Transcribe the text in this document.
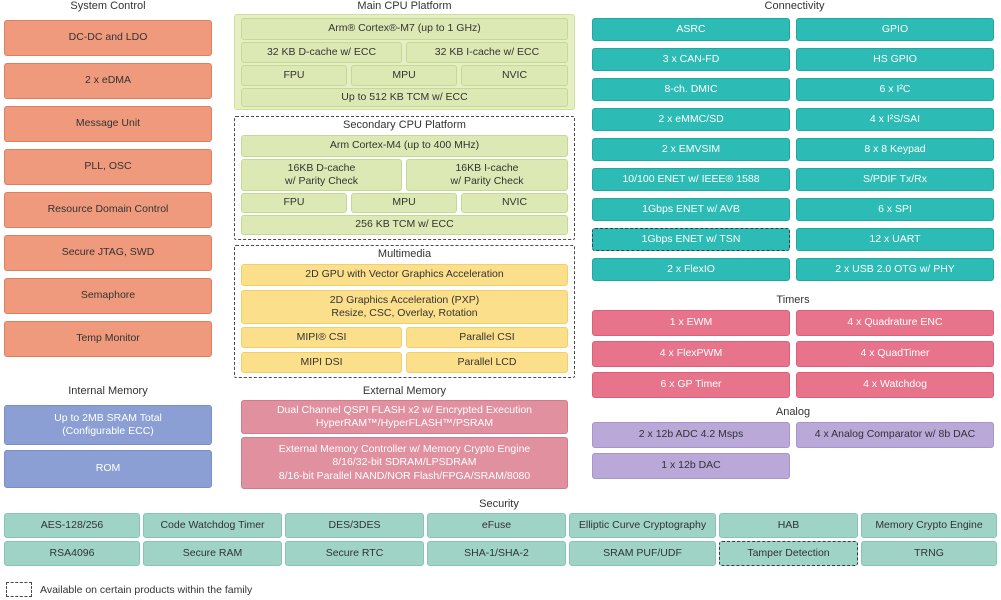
System Control
DC-DC and LDO
2 x eDMA
Message Unit
PLL, OSC
Resource Domain Control
Secure JTAG, SWD
Semaphore
Temp Monitor
Internal Memory
Up to 2MB SRAM Total
(Configurable ECC)
ROM
Main CPU Platform
Arm® Cortex®-M7 (up to 1 GHz)
32 KB D-cache w/ ECC	32 KB I-cache w/ ECC
FPU	MPU	NVIC
Up to 512 KB TCM w/ ECC
Secondary CPU Platform
Arm Cortex-M4 (up to 400 MHz)
16KB D-cache
w/ Parity Check
16KB I-cache
w/ Parity Check
FPU	MPU	NVIC
256 KB TCM w/ ECC
Multimedia
2D GPU with Vector Graphics Acceleration
2D Graphics Acceleration (PXP)
Resize, CSC, Overlay, Rotation
MIPI® CSI	Parallel CSI
MIPI DSI	Parallel LCD
External Memory
Dual Channel QSPI FLASH x2 w/ Encrypted Execution
HyperRAM™/HyperFLASH™/PSRAM
External Memory Controller w/ Memory Crypto Engine
8/16/32-bit SDRAM/LPSDRAM
8/16-bit Parallel NAND/NOR Flash/FPGA/SRAM/8080
Connectivity
ASRC
3 x CAN-FD
8-ch. DMIC
2 x eMMC/SD
2 x EMVSIM
10/100 ENET w/ IEEE® 1588
1Gbps ENET w/ AVB
1Gbps ENET w/ TSN
2 x FlexIO
GPIO
HS GPIO
6 x I²C
4 x I²S/SAI
8 x 8 Keypad
S/PDIF Tx/Rx
6 x SPI
12 x UART
2 x USB 2.0 OTG w/ PHY
Timers
1 x EWM
4 x FlexPWM
6 x GP Timer
4 x Quadrature ENC
4 x QuadTimer
4 x Watchdog
Analog
2 x 12b ADC 4.2 Msps
1 x 12b DAC
4 x Analog Comparator w/ 8b DAC
Security
AES-128/256	Code Watchdog Timer	DES/3DES	eFuse	Elliptic Curve Cryptography	HAB	Memory Crypto Engine
RSA4096	Secure RAM	Secure RTC	SHA-1/SHA-2	SRAM PUF/UDF	Tamper Detection	TRNG
Available on certain products within the family
